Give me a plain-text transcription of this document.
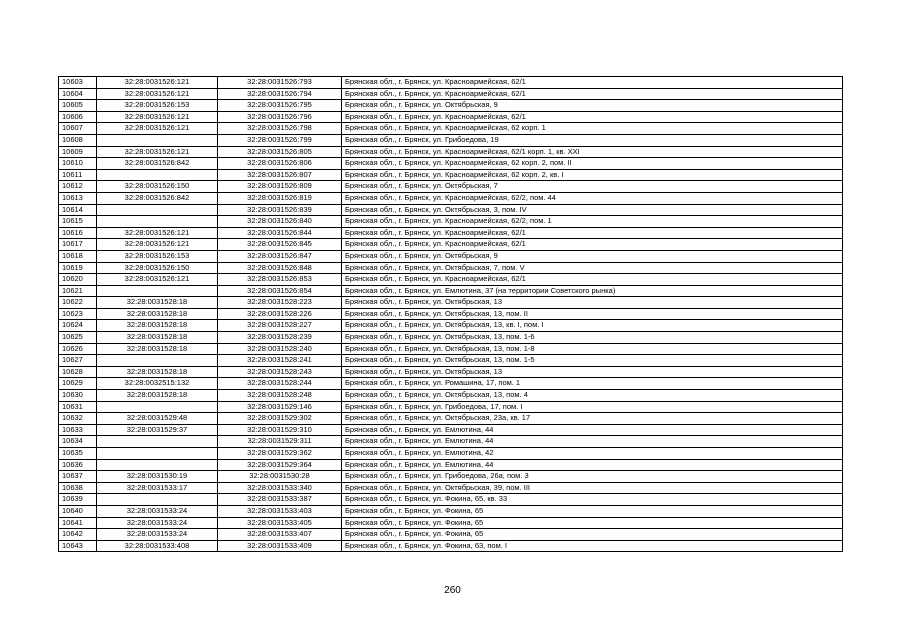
10603	32:28:0031526:121	32:28:0031526:793	Брянская обл., г. Брянск, ул. Красноармейская, 62/1
10604	32:28:0031526:121	32:28:0031526:794	Брянская обл., г. Брянск, ул. Красноармейская, 62/1
10605	32:28:0031526:153	32:28:0031526:795	Брянская обл., г. Брянск, ул. Октябрьская, 9
10606	32:28:0031526:121	32:28:0031526:796	Брянская обл., г. Брянск, ул. Красноармейская, 62/1
10607	32:28:0031526:121	32:28:0031526:798	Брянская обл., г. Брянск, ул. Красноармейская, 62 корп. 1
10608		32:28:0031526:799	Брянская обл., г. Брянск, ул. Грибоедова, 19
10609	32:28:0031526:121	32:28:0031526:805	Брянская обл., г. Брянск, ул. Красноармейская, 62/1 корп. 1, кв. XXI
10610	32:28:0031526:842	32:28:0031526:806	Брянская обл., г. Брянск, ул. Красноармейская, 62 корп. 2, пом. II
10611		32:28:0031526:807	Брянская обл., г. Брянск, ул. Красноармейская, 62 корп. 2, кв. I
10612	32:28:0031526:150	32:28:0031526:809	Брянская обл., г. Брянск, ул. Октябрьская, 7
10613	32:28:0031526:842	32:28:0031526:819	Брянская обл., г. Брянск, ул. Красноармейская, 62/2, пом. 44
10614		32:28:0031526:839	Брянская обл., г. Брянск, ул. Октябрьская, 3, пом. IV
10615		32:28:0031526:840	Брянская обл., г. Брянск, ул. Красноармейская, 62/2, пом. 1
10616	32:28:0031526:121	32:28:0031526:844	Брянская обл., г. Брянск, ул. Красноармейская, 62/1
10617	32:28:0031526:121	32:28:0031526:845	Брянская обл., г. Брянск, ул. Красноармейская, 62/1
10618	32:28:0031526:153	32:28:0031526:847	Брянская обл., г. Брянск, ул. Октябрьская, 9
10619	32:28:0031526:150	32:28:0031526:848	Брянская обл., г. Брянск, ул. Октябрьская, 7, пом. V
10620	32:28:0031526:121	32:28:0031526:853	Брянская обл., г. Брянск, ул. Красноармейская, 62/1
10621		32:28:0031526:854	Брянская обл., г. Брянск, ул. Емлютина, 37 (на территории Советского рынка)
10622	32:28:0031528:18	32:28:0031528:223	Брянская обл., г. Брянск, ул. Октябрьская, 13
10623	32:28:0031528:18	32:28:0031528:226	Брянская обл., г. Брянск, ул. Октябрьская, 13, пом. II
10624	32:28:0031528:18	32:28:0031528:227	Брянская обл., г. Брянск, ул. Октябрьская, 13, кв. I, пом. I
10625	32:28:0031528:18	32:28:0031528:239	Брянская обл., г. Брянск, ул. Октябрьская, 13, пом. 1-6
10626	32:28:0031528:18	32:28:0031528:240	Брянская обл., г. Брянск, ул. Октябрьская, 13, пом. 1-8
10627		32:28:0031528:241	Брянская обл., г. Брянск, ул. Октябрьская, 13, пом. 1-5
10628	32:28:0031528:18	32:28:0031528:243	Брянская обл., г. Брянск, ул. Октябрьская, 13
10629	32:28:0032515:132	32:28:0031528:244	Брянская обл., г. Брянск, ул. Ромашина, 17, пом. 1
10630	32:28:0031528:18	32:28:0031528:248	Брянская обл., г. Брянск, ул. Октябрьская, 13, пом. 4
10631		32:28:0031529:146	Брянская обл., г. Брянск, ул. Грибоедова, 17, пом. I
10632	32:28:0031529:48	32:28:0031529:302	Брянская обл., г. Брянск, ул. Октябрьская, 23а, кв. 17
10633	32:28:0031529:37	32:28:0031529:310	Брянская обл., г. Брянск, ул. Емлютина, 44
10634		32:28:0031529:311	Брянская обл., г. Брянск, ул. Емлютина, 44
10635		32:28:0031529:362	Брянская обл., г. Брянск, ул. Емлютина, 42
10636		32:28:0031529:364	Брянская обл., г. Брянск, ул. Емлютина, 44
10637	32:28:0031530:19	32:28:0031530:28	Брянская обл., г. Брянск, ул. Грибоедова, 26а, пом. 3
10638	32:28:0031533:17	32:28:0031533:340	Брянская обл., г. Брянск, ул. Октябрьская, 39, пом. III
10639		32:28:0031533:387	Брянская обл., г. Брянск, ул. Фокина, 65, кв. 33
10640	32:28:0031533:24	32:28:0031533:403	Брянская обл., г. Брянск, ул. Фокина, 65
10641	32:28:0031533:24	32:28:0031533:405	Брянская обл., г. Брянск, ул. Фокина, 65
10642	32:28:0031533:24	32:28:0031533:407	Брянская обл., г. Брянск, ул. Фокина, 65
10643	32:28:0031533:408	32:28:0031533:409	Брянская обл., г. Брянск, ул. Фокина, 63, пом. I
260
